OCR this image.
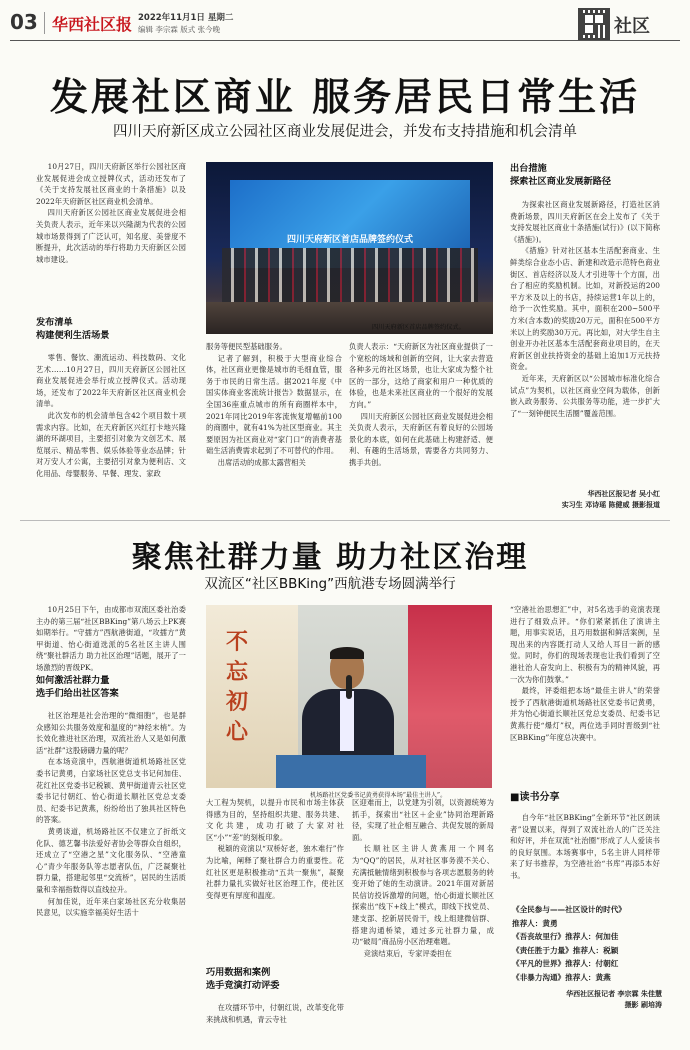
03 华西社区报 2022年11月1日 星期二
编辑 李宗霖 版式 张今晚	社区
发展社区商业 服务居民日常生活
四川天府新区成立公园社区商业发展促进会，并发布支持措施和机会清单

10月27日，四川天府新区举行公园社区商业发展促进会成立授牌仪式，活动还发布了《关于支持发展社区商业的十条措施》以及2022年天府新区社区商业机会清单。

四川天府新区公园社区商业发展促进会相关负责人表示，近年来以兴隆湖为代表的公园城市场景得到了广泛认可，知名度、美誉度不断提升，此次活动的举行将助力天府新区公园城市建设。

发布清单
构建便利生活场景

零售、餐饮、潮流运动、科技数码、文化艺术……10月27日，四川天府新区公园社区商业发展促进会举行成立授牌仪式。活动现场，还发布了2022年天府新区社区商业机会清单。

此次发布的机会清单包含42个项目数十项需求内容。比如，在天府新区兴红打卡地兴隆湖的环湖项目，主要招引对象为文创艺术、展览展示、精品零售、娱乐体验等业态品牌；针对万安人才公寓，主要招引对象为便利店、文化用品、母婴服务、早餐、理发、家政

四川天府新区首店品牌签约仪式
四川天府新区首店品牌签约仪式。

服务等便民型基础服务。

记者了解到，积极于大型商业综合体，社区商业更像是城市的毛细血管，服务于市民的日常生活。据2021年度《中国实体商业客流统计报告》数据显示，在全国36座重点城市的所有商圈样本中，2021年同比2019年客流恢复增幅前100的商圈中，就有41%为社区型商业。其主要原因为社区商业对“家门口”的消费者基础生活消费需求起到了不可替代的作用。

出席活动的成都太露营相关

负责人表示：“天府新区为社区商业提供了一个宽松的场域和创新的空间，让大家去营造各种多元的社区场景，也让大家成为整个社区的一部分，这给了商家和用户一种优质的体验，也是未来社区商业的一个很好的发展方向。”

四川天府新区公园社区商业发展促进会相关负责人表示，天府新区有着良好的公园场景化的本底，如何在此基础上构建舒适、便利、有趣的生活场景，需要各方共同努力、携手共创。

出台措施
探索社区商业发展新路径

为探索社区商业发展新路径，打造社区消费新场景，四川天府新区在会上发布了《关于支持发展社区商业十条措施(试行)》(以下简称《措施》)。

《措施》针对社区基本生活配套商业、生鲜类综合业态小店、新建和改造示范特色商业街区、首店经济以及人才引进等十个方面，出台了相应的奖励机制。比如，对新投运的200平方米及以上的书店，持续运营1年以上的，给予一次性奖励。其中，面积在200~500平方米(含本数)的奖励20万元，面积在500平方米以上的奖励30万元。再比如，对大学生自主创业开办社区基本生活配套商业项目的，在天府新区创业扶持资金的基础上追加1万元扶持资金。

近年来，天府新区以“公园城市标准化综合试点”为契机，以社区商业空间为载体，创新嵌入政务服务、公共服务等功能，进一步扩大了“一刻钟便民生活圈”覆盖范围。

华西社区报记者 吴小红
实习生 邓诗瑶 陈健威 摄影报道
聚焦社群力量 助力社区治理
双流区“社区BBKing”西航港专场圆满举行

10月25日下午，由成都市双流区委社治委主办的第三届“社区BBKing”第八场云上PK赛如期举行。“守擂方”西航港街道，“攻擂方”黄甲街道、怡心街道选派的5名社区主讲人围绕“聚社群活力 助力社区治理”话题，展开了一场激烈的晋级PK。

如何激活社群力量
选手们给出社区答案

社区治理是社会治理的“微细胞”，也是群众感知公共服务效度和温度的“神经末梢”。为长效化推进社区治理，双流社治人又是如何激活“社群”这股磅礴力量的呢？

在本场竞演中，西航港街道机场路社区党委书记黄勇，白家场社区党总支书记何加佳、花红社区党委书记税颖、黄甲街道青云社区党委书记付朝红、怡心街道长顺社区党总支委员、纪委书记黄燕，纷纷给出了独具社区特色的答案。

黄勇谈道，机场路社区不仅建立了折纸文化队、德艺馨书法爱好者协会等群众自组织，还成立了“空港之星”文化服务队、“空港童心”青少年服务队等志愿者队伍，广泛凝聚社群力量，搭建起邻里“交流桥”，居民的生活质量和幸福指数得以直线拉升。

何加佳说，近年来白家场社区充分收集居民意见，以实施幸福美好生活十

不
忘
初
心
机场路社区党委书记黄勇获得本场“最佳主讲人”。

大工程为契机，以提升市民和市场主体获得感为目的，坚持组织共建、服务共建、文化共建，成功打破了大家对社区“小”“差”的刻板印象。

税颖的竞演以“双桥好老，独木难行”作为比喻，阐释了聚社群合力的重要性。花红社区更是积极推动“五共一聚焦”，凝聚社群力量扎实做好社区治理工作，使社区变得更有厚度和温度。

巧用数据和案例
选手竞演打动评委

在攻擂环节中，付朝红说，改革变化带来挑战和机遇，青云寺社

区迎难而上，以党建为引领，以资源统筹为抓手，探索出“社区＋企业”协同治理新路径，实现了社企相互融合、共促发展的新局面。

长顺社区主讲人黄燕用一个网名为“QQ”的居民，从对社区事务漠不关心、充满抵触情绪到积极参与各项志愿服务的转变开始了她的生动演讲。2021年面对新居民信访投诉激增的问题，怡心街道长顺社区探索出“线下+线上”模式，即线下找党员、建支部、挖新居民骨干，线上组建微信群、搭建沟通桥梁，通过多元社群力量，成功“破局”商品房小区治理难题。

竞演结束后，专家评委担在

“空港社治思想汇”中，对5名选手的竞演表现进行了细致点评。“你们紧紧抓住了演讲主题，用事实说话，且巧用数据和鲜活案例，呈现出来的内容既打动人又给人耳目一新的感觉。同时，你们的现场表现也让我们看到了空港社治人奋发向上、积极有为的精神风貌，再一次为你们鼓掌。”

最终，评委组把本场“最佳主讲人”的荣誉授予了西航港街道机场路社区党委书记黄勇，并为怡心街道长顺社区党总支委员、纪委书记黄燕行使“爆灯”权，两位选手同时晋级到“社区BBKing”年度总决赛中。

■读书分享

自今年“社区BBKing”全新环节“社区朗读者”设置以来，得到了双流社治人的广泛关注和好评，并在双流“社治圈”形成了人人爱读书的良好氛围。本场赛事中，5名主讲人同样带来了好书推荐，为空港社治“书库”再添5本好书。

《全民参与——社区设计的时代》
推荐人：黄勇
《吾丧故里行》推荐人：何加佳
《责任胜于力量》推荐人：税颖
《平凡的世界》推荐人：付朝红
《非暴力沟通》推荐人：黄燕
华西社区报记者 李宗霖 朱佳慧
摄影 刷培涛
